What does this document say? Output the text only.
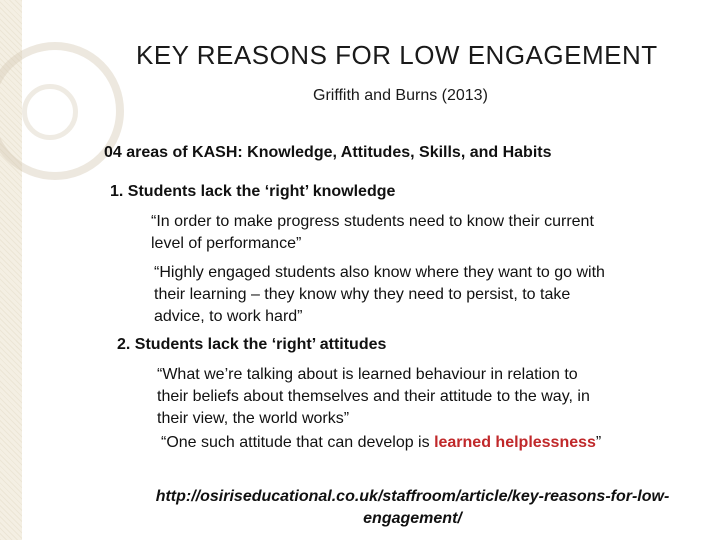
KEY REASONS FOR LOW ENGAGEMENT
Griffith and Burns (2013)
04 areas of KASH: Knowledge, Attitudes, Skills, and Habits
1. Students lack the ‘right’ knowledge
“In order to make progress students need to know their current
level of performance”
“Highly engaged students also know where they want to go with
their learning – they know why they need to persist, to take
advice, to work hard”
2. Students lack the ‘right’ attitudes
“What we’re talking about is learned behaviour in relation to
their beliefs about themselves and their attitude to the way, in
their view, the world works”
“One such attitude that can develop is learned helplessness”
http://osiriseducational.co.uk/staffroom/article/key-reasons-for-low-
engagement/
